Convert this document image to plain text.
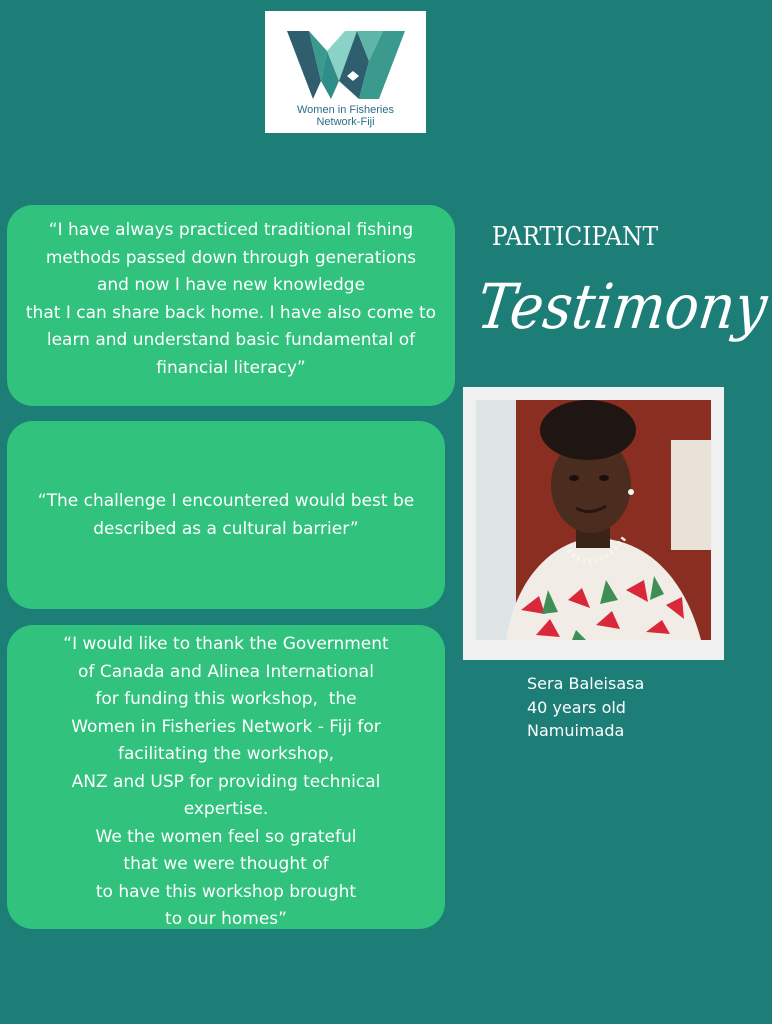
Women in Fisheries
Network-Fiji
“I have always practiced traditional fishing
methods passed down through generations
and now I have new knowledge
that I can share back home. I have also come to
learn and understand basic fundamental of
financial literacy”
“The challenge I encountered would best be
described as a cultural barrier”
“I would like to thank the Government
of Canada and Alinea International
for funding this workshop,  the
Women in Fisheries Network - Fiji for
facilitating the workshop,
ANZ and USP for providing technical
expertise.
We the women feel so grateful
that we were thought of
to have this workshop brought
to our homes”
PARTICIPANT
Testimony
Sera Baleisasa
40 years old
Namuimada
